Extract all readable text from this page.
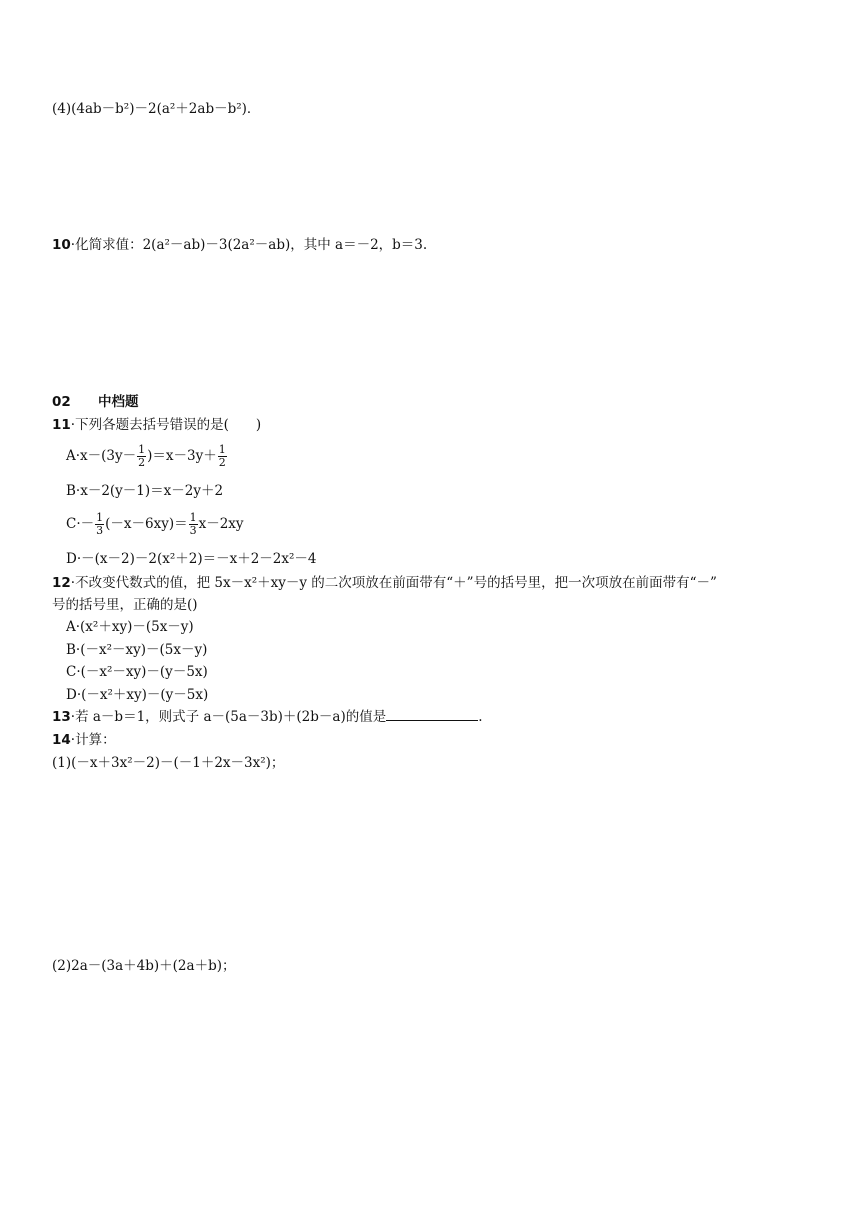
(4)(4ab－b²)－2(a²＋2ab－b²)．
10·化简求值：2(a²－ab)－3(2a²－ab)，其中 a＝－2，b＝3.
02 中档题
11·下列各题去括号错误的是(　　)
$A\cdot x-(3y- \frac{1}{2} )=x-3y+ \frac{1}{2}$
B·x－2(y－1)＝x－2y＋2
$C\cdot- \frac{1}{3} (-x-6xy)= \frac{1}{3} x-2xy$
D·－(x－2)－2(x²＋2)＝－x＋2－2x²－4
12·不改变代数式的值，把 5x－x²＋xy－y 的二次项放在前面带有“＋”号的括号里，把一次项放在前面带有“－”
号的括号里，正确的是()
A·(x²＋xy)－(5x－y)
B·(－x²－xy)－(5x－y)
C·(－x²－xy)－(y－5x)
D·(－x²＋xy)－(y－5x)
13·若 a－b＝1，则式子 a－(5a－3b)＋(2b－a)的值是	.
14·计算：
(1)(－x＋3x²－2)－(－1＋2x－3x²)；
(2)2a－(3a＋4b)＋(2a＋b)；
